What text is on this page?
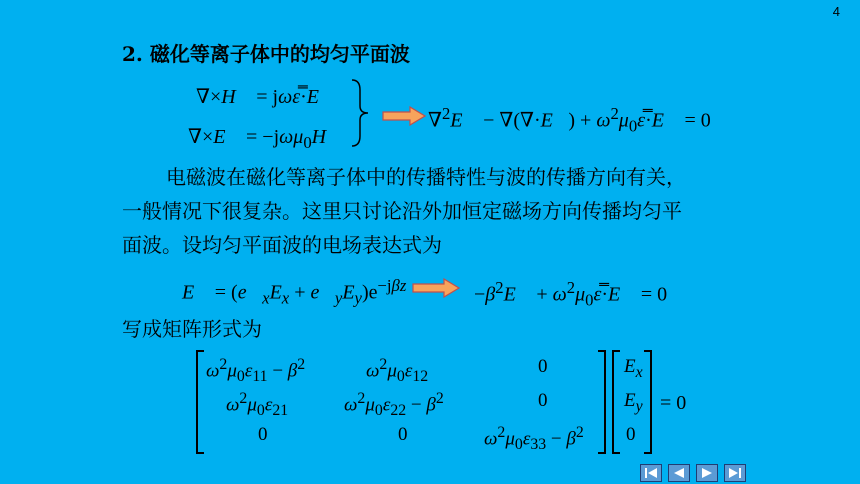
4
2. 磁化等离子体中的均匀平面波
∇×H⃗ = jωε̿·E⃗
∇×E⃗ = −jωμ$_0$H⃗
∇$^2$E⃗ − ∇(∇·E⃗) + $\omega^2\mu_0\varepsilon̿\cdot E⃗ = 0$
电磁波在磁化等离子体中的传播特性与波的传播方向有关，
一般情况下很复杂。这里只讨论沿外加恒定磁场方向传播均匀平
面波。设均匀平面波的电场表达式为
E⃗ = ($e⃗_xE_x$ + $e⃗_yE_y)e^{-j\beta z}$	$-\beta^2E⃗$ + $\omega^2\mu_0\varepsilon̿\cdot E⃗ = 0$
写成矩阵形式为
$\omega^2\mu_0\varepsilon_{11} - \beta^2$	$\omega^2\mu_0\varepsilon_{12}$	0
$\omega^2\mu_0\varepsilon_{21}$	$\omega^2\mu_0\varepsilon_{22} - \beta^2$	0
0	0	$\omega^2\mu_0\varepsilon_{33} - \beta^2$
$E_x$
$E_y$
0
= 0
